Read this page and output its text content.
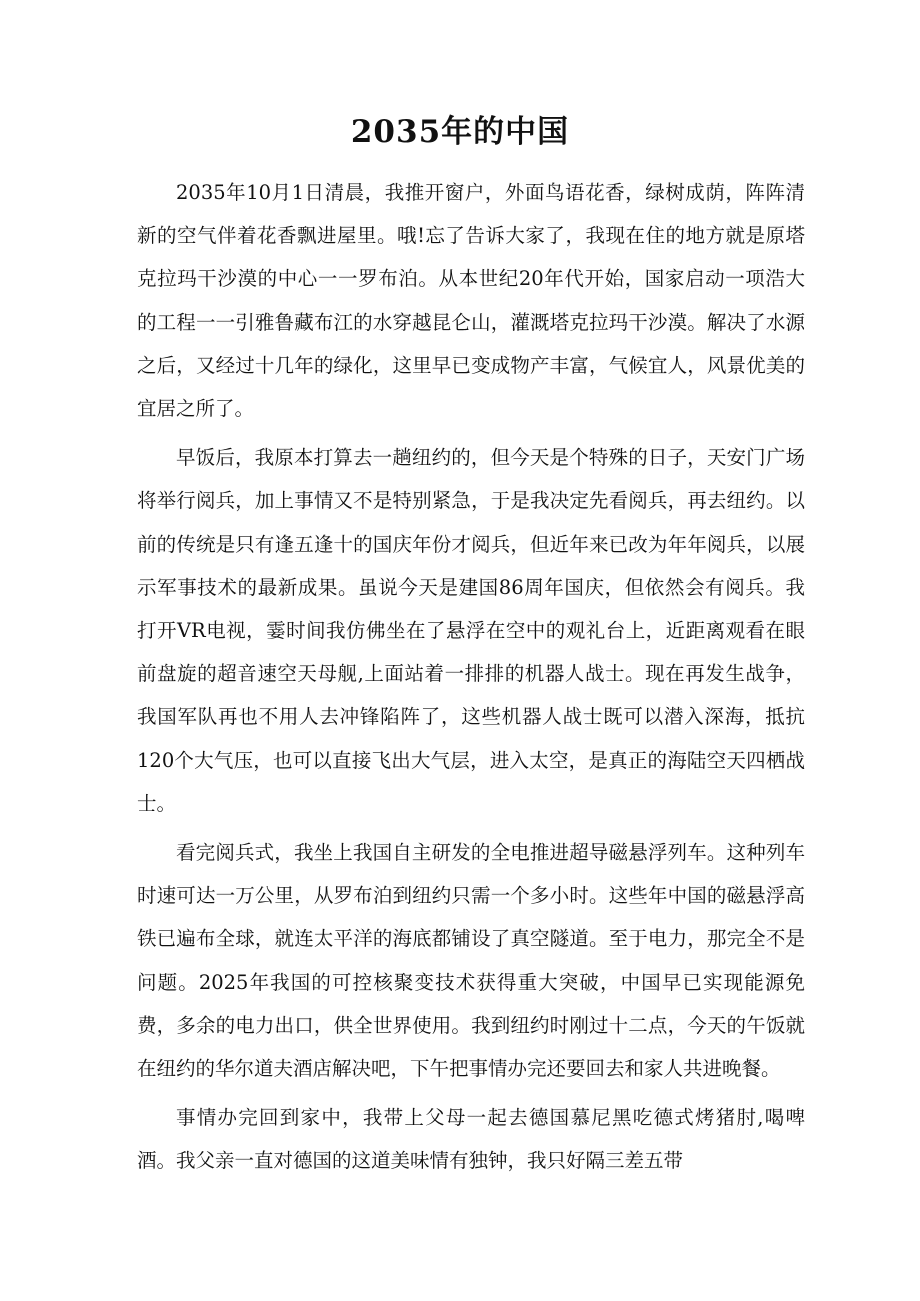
2035年的中国

2035年10月1日清晨，我推开窗户，外面鸟语花香，绿树成荫，阵阵清新的空气伴着花香飘进屋里。哦!忘了告诉大家了，我现在住的地方就是原塔克拉玛干沙漠的中心一一罗布泊。从本世纪20年代开始，国家启动一项浩大的工程一一引雅鲁藏布江的水穿越昆仑山，灌溉塔克拉玛干沙漠。解决了水源之后，又经过十几年的绿化，这里早已变成物产丰富，气候宜人，风景优美的宜居之所了。

早饭后，我原本打算去一趟纽约的，但今天是个特殊的日子，天安门广场将举行阅兵，加上事情又不是特别紧急，于是我决定先看阅兵，再去纽约。以前的传统是只有逢五逢十的国庆年份才阅兵，但近年来已改为年年阅兵，以展示军事技术的最新成果。虽说今天是建国86周年国庆，但依然会有阅兵。我打开VR电视，霎时间我仿佛坐在了悬浮在空中的观礼台上，近距离观看在眼前盘旋的超音速空天母舰,上面站着一排排的机器人战士。现在再发生战争，我国军队再也不用人去冲锋陷阵了，这些机器人战士既可以潜入深海，抵抗120个大气压，也可以直接飞出大气层，进入太空，是真正的海陆空天四栖战士。

看完阅兵式，我坐上我国自主研发的全电推进超导磁悬浮列车。这种列车时速可达一万公里，从罗布泊到纽约只需一个多小时。这些年中国的磁悬浮高铁已遍布全球，就连太平洋的海底都铺设了真空隧道。至于电力，那完全不是问题。2025年我国的可控核聚变技术获得重大突破，中国早已实现能源免费，多余的电力出口，供全世界使用。我到纽约时刚过十二点，今天的午饭就在纽约的华尔道夫酒店解决吧，下午把事情办完还要回去和家人共进晚餐。

事情办完回到家中，我带上父母一起去德国慕尼黑吃德式烤猪肘,喝啤酒。我父亲一直对德国的这道美味情有独钟，我只好隔三差五带
